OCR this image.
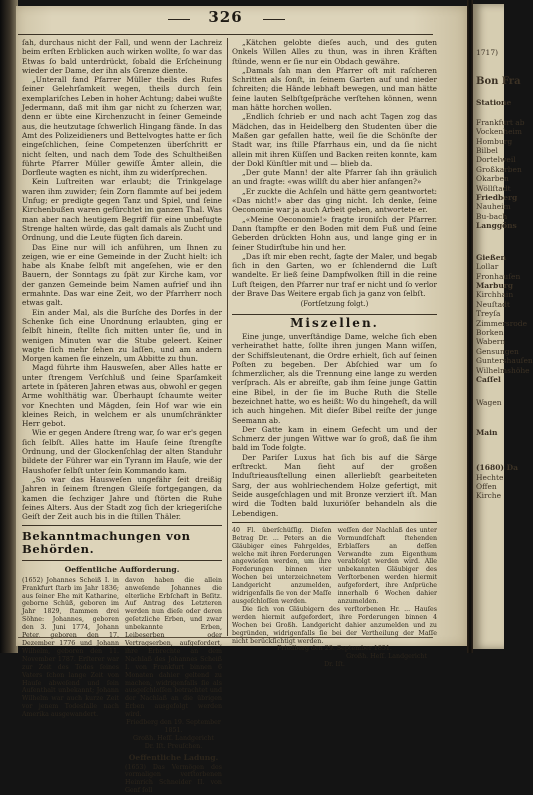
1717)
Bon Fra
Statione
Frankfurt ab
Vockenheim
Homburg
Bilbel
Dortelweil
Großkarben
Okarben
Wöllſtadt
Friedberg
Nauheim
Bu-bach
Langgöns
Gießen
Lollar
Fronhauſen
Marburg
Kirchhain
Neuſtadt
Treyſa
Zimmersrode
Borken
Wabern
Gensungen
Guntershauſen
Wilhelmshöhe
Caſſel
Wagen
Main
(1680) Da
Hechte
Offen
Kirche
326

ſah, durchaus nicht der Fall, und wenn der Lachreiz beim erſten Erblicken auch wirken wollte, ſo war das Etwas ſo bald unterdrückt, ſobald die Erſcheinung wieder der Dame, der ihn als Grenze diente.

„Unterall fand Pfarrer Müller theils des Rufes ſeiner Gelehrſamkeit wegen, theils durch ſein exemplariſches Leben in hoher Achtung; dabei wußte Jedermann, daß mit ihm gar nicht zu ſcherzen war, denn er übte eine Kirchenzucht in ſeiner Gemeinde aus, die heutzutage ſchwerlich Hingang fände. In das Amt des Polizeidieners und Bettelvogtes hatte er ſich eingeſchlichen, ſeine Competenzen überſchritt er nicht ſelten, und nach dem Tode des Schultheißen führte Pfarrer Müller gewiſſe Ämter allein, die Dorfleute wagten es nicht, ihm zu widerſprechen.

Kein Luſtreiten war erlaubt; die Trinkgelage waren ihm zuwider; ſein Zorn flammte auf bei jedem Unfug; er predigte gegen Tanz und Spiel, und ſeine Kirchenbußen waren gefürchtet im ganzen Thal. Was man aber nach heutigem Begriff für eine unbefugte Strenge halten würde, das galt damals als Zucht und Ordnung, und die Leute fügten ſich darein.

Das Eine nur will ich anführen, um Ihnen zu zeigen, wie er eine Gemeinde in der Zucht hielt: ich habe als Knabe ſelbſt mit angeſehen, wie er den Bauern, der Sonntags zu ſpät zur Kirche kam, vor der ganzen Gemeinde beim Namen aufrief und ihn ermahnte. Das war eine Zeit, wo der Pfarrherr noch etwas galt.

Ein ander Mal, als die Burſche des Dorfes in der Schenke ſich eine Unordnung erlaubten, ging er ſelbſt hinein, ſtellte ſich mitten unter ſie, und in wenigen Minuten war die Stube geleert. Keiner wagte ſich mehr ſehen zu laſſen, und am andern Morgen kamen ſie einzeln, um Abbitte zu thun.

Magd führte ihm Hausweſen, aber Alles hatte er unter ſtrengem Verſchluß und ſeine Sparſamkeit artete in ſpäteren Jahren etwas aus, obwohl er gegen Arme wohlthätig war. Überhaupt ſchaumte weiter vor Knechten und Mägden, ſein Hof war wie ein kleines Reich, in welchem er als unumſchränkter Herr gebot.

Wie er gegen Andere ſtreng war, ſo war er's gegen ſich ſelbſt. Alles hatte im Hauſe ſeine ſtrengſte Ordnung, und der Glockenſchlag der alten Standuhr bildete der Führer war ein Tyrann im Hauſe, wie der Haushofer ſelbſt unter ſein Kommando kam.

„So war das Hausweſen ungefähr ſeit dreißig Jahren in ſeinem ſtrengen Gleiſe fortgegangen, da kamen die ſechziger Jahre und ſtörten die Ruhe ſeines Alters. Aus der Stadt zog ſich der kriegeriſche Geiſt der Zeit auch bis in die ſtillen Thäler.

Bekanntmachungen von Behörden.

Oeffentliche Aufforderung.

(1652) Johannes Scheiß I. in Frankfurt ſtarb im Jahr 1836; aus ſeiner Ehe mit Katharine, geborne Schüß, geboren im Jahr 1829, ſtammen drei Söhne: Johannes, geboren den 3. Juni 1774, Johann Peter, geboren den 17. Dezember 1776 und Johann Wilhelm, geboren den 11. November 1787. Erſterer war zur Zeit des Todes ſeines Vaters ſchon lange Zeit von Hauſe abweſend und ſein Aufenthalt unbekannt; Johann Wilhelm war auch kurze Zeit vor jenem Todesfalle nach Amerika ausgewandert.
davon haben die allein anweſende Johannes die elterliche Erbſchaft in Beſitz. Auf Antrag des Letzteren werden nun dieſe oder deren geſetzliche Erben, und zwar unbekannte Erben, Leibeserben oder Vertragserben, aufgefordert, ihre Erbrechte an dem Nachlaß des Johannes Scheiß I. von Frankfurt binnen 6 Monaten dahier geltend zu machen, widrigenfalls ſie als ausgeſchloſſen betrachtet und der Nachlaß an die übrigen Erben ausgefolgt werden wird.
Friedberg den 19. September 1851.
Großh. Heſſ. Landgericht
Dr. Iſt. Preuſchen.
Oeffentliche Ladung.
(1653) Das Vermögen des vormaligen verſtorbenen Heinrich Schneider II. von Genf ſoll

„Kätchen gelobte dieſes auch, und des guten Onkels Willen Alles zu thun, was in ihren Kräften ſtünde, wenn er ſie nur ein Obdach gewähre.

„Damals ſah man den Pfarrer oft mit raſcheren Schritten als ſonſt, in ſeinem Garten auf und nieder ſchreiten; die Hände lebhaft bewegen, und man hätte ſeine lauten Selbſtgeſpräche verſtehen können, wenn man hätte horchen wollen.

„Endlich ſchrieb er und nach acht Tagen zog das Mädchen, das in Heidelberg den Studenten über die Maßen gar gefallen hatte, weil ſie die Schönſte der Stadt war, ins ſtille Pfarrhaus ein, und da ſie nicht allein mit ihren Küſſen und Backen reiten konnte, kam der Dokl Künſtler mit und — blieb da.

„Der gute Mann! der alte Pfarrer ſah ihn gräulich an und fragte: «was willſt du aber hier anfangen?»

„Er zuckte die Achſeln und hätte gern geantwortet: «Das nicht!» aber das ging nicht. Ich denke, ſeine Oeconomie war ja auch Arbeit geben, antwortete er.

„«Meine Oeconomie!» fragte ironiſch der Pfarrer. Dann ſtampfte er den Boden mit dem Fuß und ſeine Geberden drückten Hohn aus, und lange ging er in ſeiner Studirſtube hin und her.

„Das iſt mir eben recht, ſagte der Maler, und begab ſich in den Garten, wo er ſchlendernd die Luſt wandelte. Er ließ ſeine Dampfwolken ſtill in die reine Luft ſteigen, den Pfarrer nur traf er nicht und ſo verlor der Brave Das Weitere ergab ſich ja ganz von ſelbſt.

(Fortſetzung folgt.)

Miszellen.

Eine junge, unverſtändige Dame, welche ſich eben verheirathet hatte, ſollte ihren jungen Mann wiſſen, der Schiffsleutenant, die Ordre erhielt, ſich auf ſeinen Poſten zu begeben. Der Abſchied war um ſo ſchmerzlicher, als die Trennung eine lange zu werden verſprach. Als er abreiſte, gab ihm ſeine junge Gattin eine Bibel, in der ſie im Buche Ruth die Stelle bezeichnet hatte, wo es heißt: Wo du hingeheſt, da will ich auch hingehen. Mit dieſer Bibel reiſte der junge Seemann ab.

Der Gatte kam in einem Gefecht um und der Schmerz der jungen Wittwe war ſo groß, daß ſie ihm bald im Tode folgte.

Der Pariſer Luxus hat ſich bis auf die Särge erſtreckt. Man ſieht auf der großen Induſtrieausſtellung einen allerliebſt gearbeiteten Sarg, der aus wohlriechendem Holze gefertigt, mit Seide ausgeſchlagen und mit Bronze verziert iſt. Man wird die Todten bald luxuriöſer behandeln als die Lebendigen.

40 Fl. überſchüſſig. Dieſen Betrag Dr. ... Peters an die Gläubiger eines Fahrgeldes, welche mit ihren Forderungen angewieſen werden, um ihre Forderungen binnen vier Wochen bei unterzeichnetem Landgericht anzumelden, widrigenfalls ſie von der Maſſe ausgeſchloſſen werden.
weſſen der Nachlaß des unter Vormundſchaft ſtehenden Erblaſſers an deſſen Verwandte zum Eigenthum verabfolgt werden wird. Alle unbekannten Gläubiger des Verſtorbenen werden hiermit aufgefordert, ihre Anſprüche innerhalb 6 Wochen dahier anzumelden.

Die ſich von Gläubigern des verſtorbenen Hr. ... Hauſes werden hiermit aufgefordert, ihre Forderungen binnen 4 Wochen bei Großh. Landgericht dahier anzumelden und zu begründen, widrigenfalls ſie bei der Vertheilung der Maſſe nicht berückſichtigt werden.

Friedberg den 29. September 1851.
Großh. Heſſ. Landgericht
Dr. Iſt.
